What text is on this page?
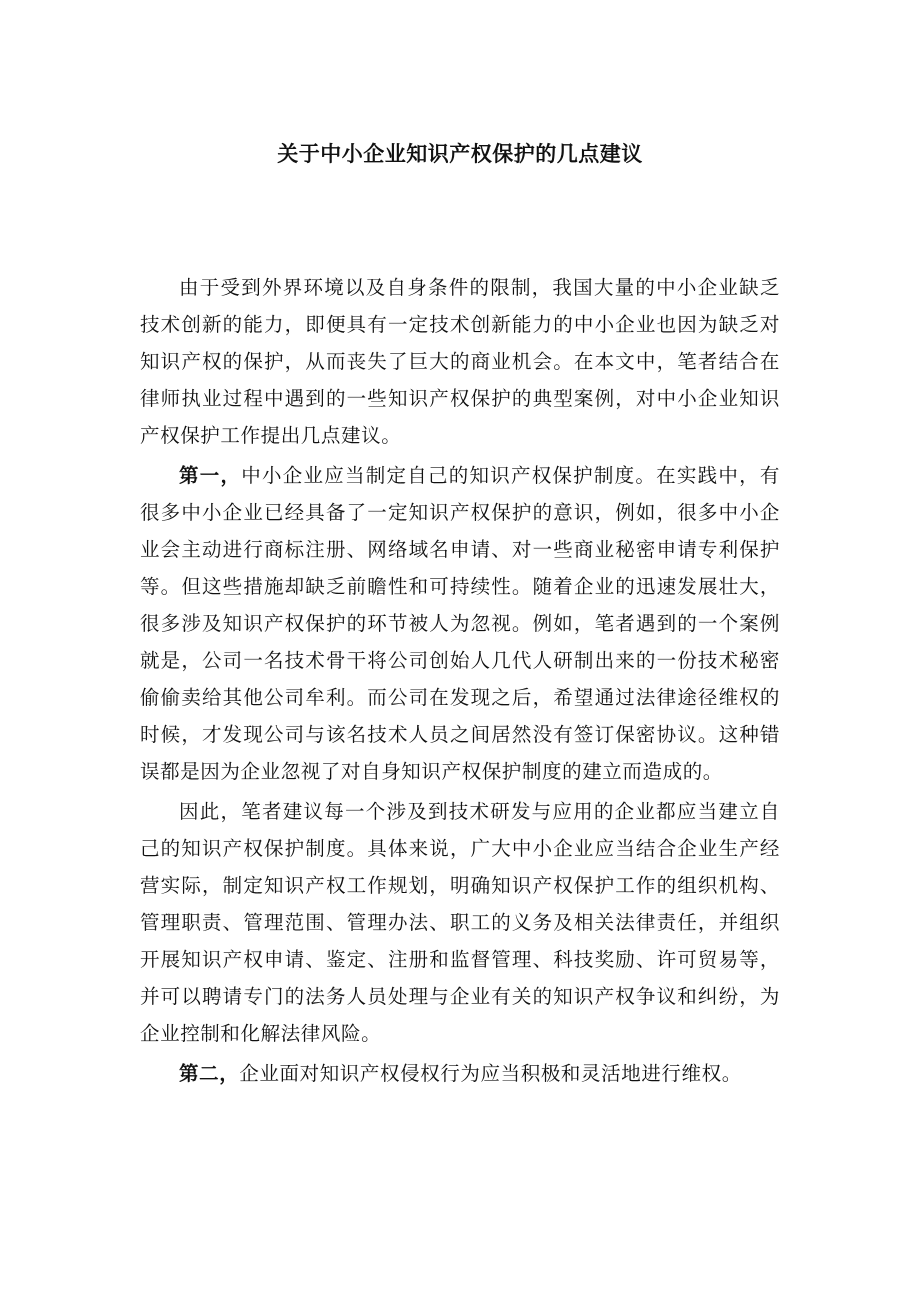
关于中小企业知识产权保护的几点建议

由于受到外界环境以及自身条件的限制，我国大量的中小企业缺乏技术创新的能力，即便具有一定技术创新能力的中小企业也因为缺乏对知识产权的保护，从而丧失了巨大的商业机会。在本文中，笔者结合在律师执业过程中遇到的一些知识产权保护的典型案例，对中小企业知识产权保护工作提出几点建议。

第一，中小企业应当制定自己的知识产权保护制度。在实践中，有很多中小企业已经具备了一定知识产权保护的意识，例如，很多中小企业会主动进行商标注册、网络域名申请、对一些商业秘密申请专利保护等。但这些措施却缺乏前瞻性和可持续性。随着企业的迅速发展壮大，很多涉及知识产权保护的环节被人为忽视。例如，笔者遇到的一个案例就是，公司一名技术骨干将公司创始人几代人研制出来的一份技术秘密偷偷卖给其他公司牟利。而公司在发现之后，希望通过法律途径维权的时候，才发现公司与该名技术人员之间居然没有签订保密协议。这种错误都是因为企业忽视了对自身知识产权保护制度的建立而造成的。

因此，笔者建议每一个涉及到技术研发与应用的企业都应当建立自己的知识产权保护制度。具体来说，广大中小企业应当结合企业生产经营实际，制定知识产权工作规划，明确知识产权保护工作的组织机构、管理职责、管理范围、管理办法、职工的义务及相关法律责任，并组织开展知识产权申请、鉴定、注册和监督管理、科技奖励、许可贸易等，并可以聘请专门的法务人员处理与企业有关的知识产权争议和纠纷，为企业控制和化解法律风险。

第二，企业面对知识产权侵权行为应当积极和灵活地进行维权。
